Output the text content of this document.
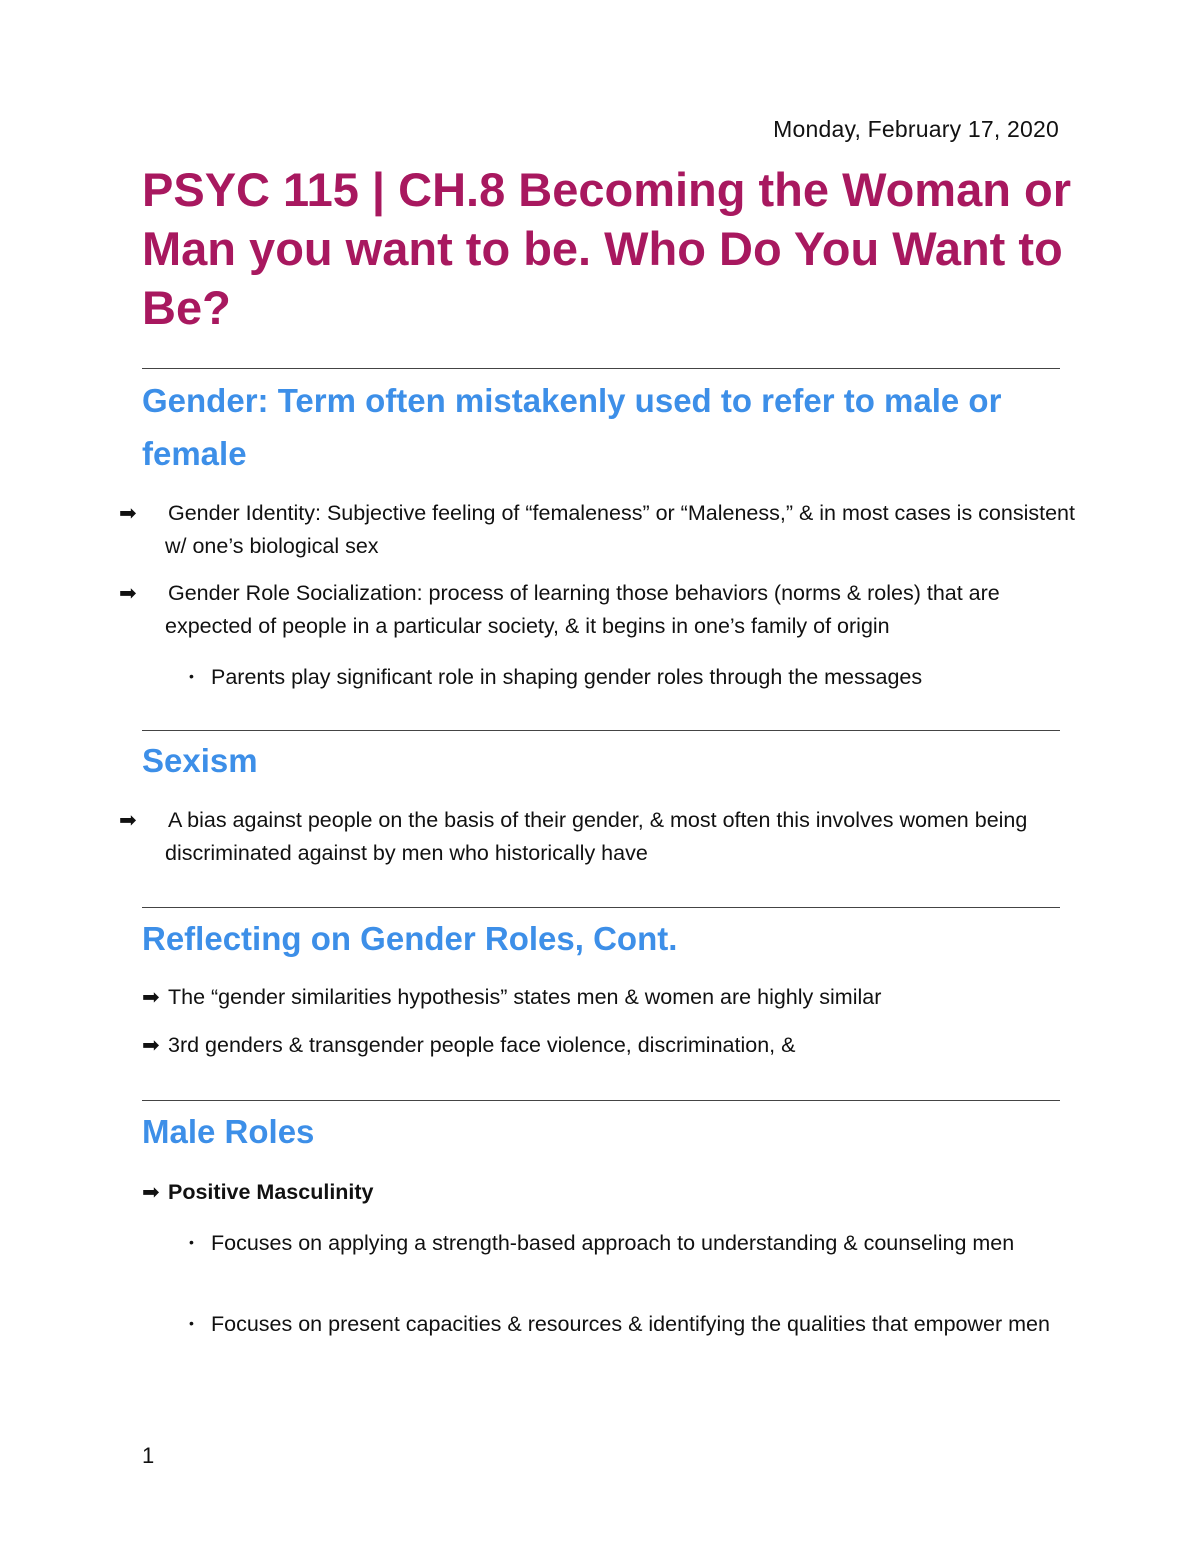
Monday, February 17, 2020
PSYC 115 | CH.8 Becoming the Woman or Man you want to be. Who Do You Want to Be?
Gender: Term often mistakenly used to refer to male or female
➡ Gender Identity: Subjective feeling of “femaleness” or “Maleness,” & in most cases is consistent w/ one’s biological sex
➡ Gender Role Socialization: process of learning those behaviors (norms & roles) that are expected of people in a particular society, & it begins in one’s family of origin
• Parents play significant role in shaping gender roles through the messages
Sexism
➡ A bias against people on the basis of their gender, & most often this involves women being discriminated against by men who historically have
Reflecting on Gender Roles, Cont.
➡ The “gender similarities hypothesis” states men & women are highly similar
➡ 3rd genders & transgender people face violence, discrimination, &
Male Roles
➡ Positive Masculinity
• Focuses on applying a strength-based approach to understanding & counseling men
• Focuses on present capacities & resources & identifying the qualities that empower men
1
